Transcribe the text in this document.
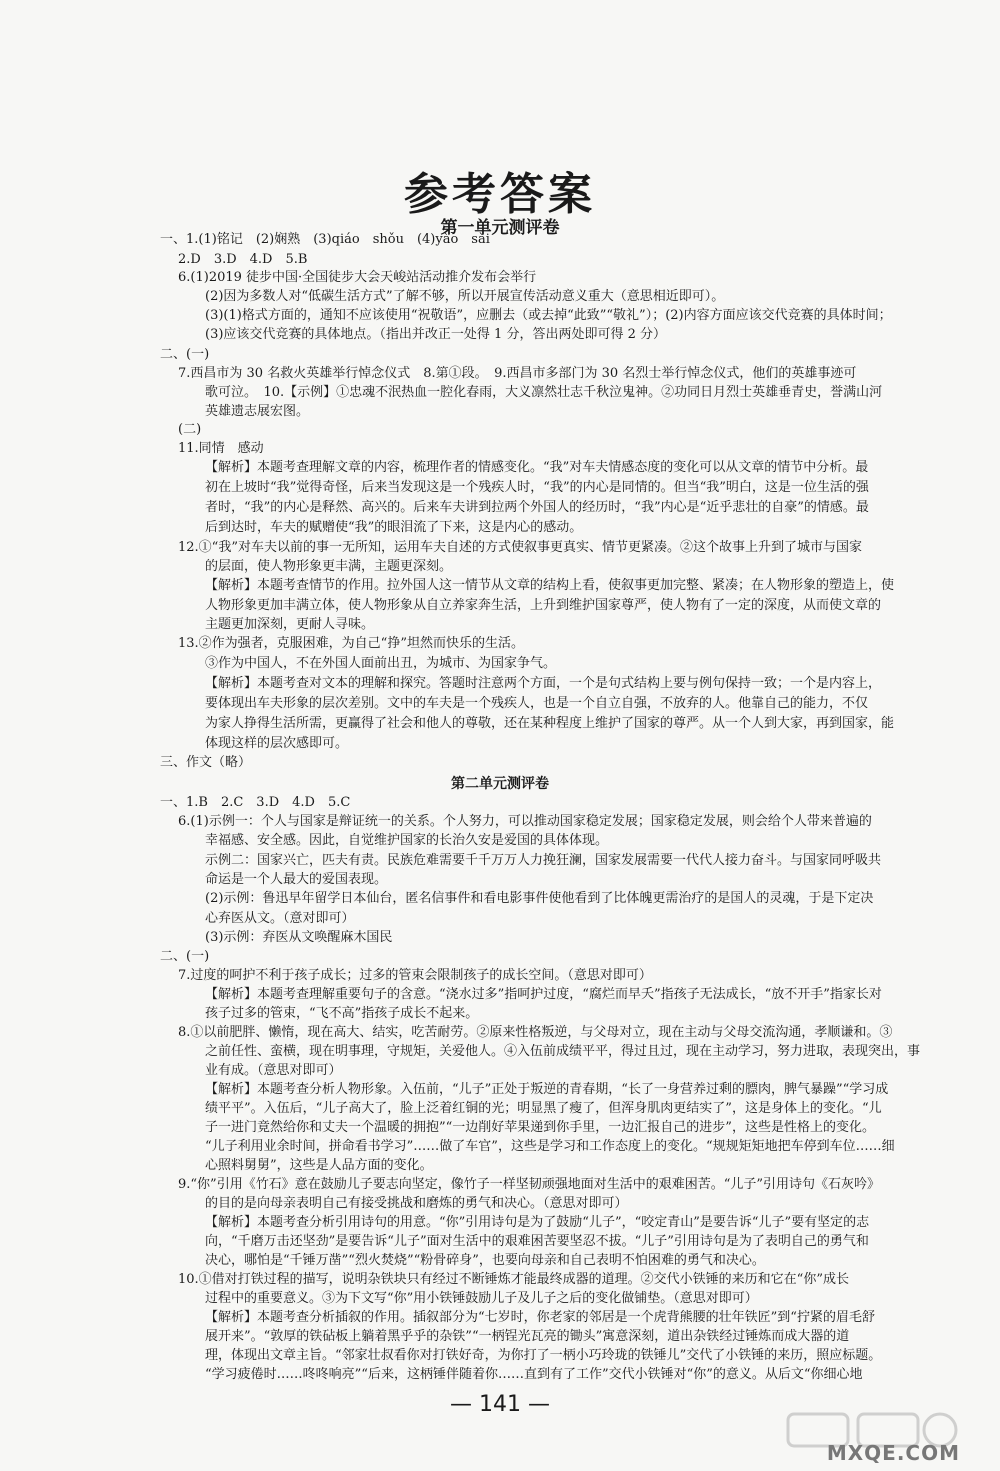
参考答案
第一单元测评卷
一、1.(1)铭记　(2)娴熟　(3)qiáo　shǒu　(4)yào　sài
2.D　3.D　4.D　5.B
6.(1)2019 徒步中国·全国徒步大会天峻站活动推介发布会举行
(2)因为多数人对“低碳生活方式”了解不够，所以开展宣传活动意义重大（意思相近即可）。
(3)(1)格式方面的，通知不应该使用“祝敬语”，应删去（或去掉“此致”“敬礼”）；(2)内容方面应该交代竞赛的具体时间；
(3)应该交代竞赛的具体地点。（指出并改正一处得 1 分，答出两处即可得 2 分）
二、(一)
7.西昌市为 30 名救火英雄举行悼念仪式　8.第①段。　9.西昌市多部门为 30 名烈士举行悼念仪式，他们的英雄事迹可
歌可泣。　10.【示例】①忠魂不泯热血一腔化春雨，大义凛然壮志千秋泣鬼神。②功同日月烈士英雄垂青史，誉满山河
英雄遗志展宏图。
(二)
11.同情　感动
【解析】本题考查理解文章的内容，梳理作者的情感变化。“我”对车夫情感态度的变化可以从文章的情节中分析。最
初在上坡时“我”觉得奇怪，后来当发现这是一个残疾人时，“我”的内心是同情的。但当“我”明白，这是一位生活的强
者时，“我”的内心是释然、高兴的。后来车夫讲到拉两个外国人的经历时，“我”内心是“近乎悲壮的自豪”的情感。最
后到达时，车夫的赋赠使“我”的眼泪流了下来，这是内心的感动。
12.①“我”对车夫以前的事一无所知，运用车夫自述的方式使叙事更真实、情节更紧凑。②这个故事上升到了城市与国家
的层面，使人物形象更丰满，主题更深刻。
【解析】本题考查情节的作用。拉外国人这一情节从文章的结构上看，使叙事更加完整、紧凑；在人物形象的塑造上，使
人物形象更加丰满立体，使人物形象从自立养家奔生活，上升到维护国家尊严，使人物有了一定的深度，从而使文章的
主题更加深刻，更耐人寻味。
13.②作为强者，克服困难，为自己“挣”坦然而快乐的生活。
③作为中国人，不在外国人面前出丑，为城市、为国家争气。
【解析】本题考查对文本的理解和探究。答题时注意两个方面，一个是句式结构上要与例句保持一致；一个是内容上，
要体现出车夫形象的层次差别。文中的车夫是一个残疾人，也是一个自立自强，不放弃的人。他靠自己的能力，不仅
为家人挣得生活所需，更赢得了社会和他人的尊敬，还在某种程度上维护了国家的尊严。从一个人到大家，再到国家，能
体现这样的层次感即可。
三、作文（略）
第二单元测评卷
一、1.B　2.C　3.D　4.D　5.C
6.(1)示例一：个人与国家是辩证统一的关系。个人努力，可以推动国家稳定发展；国家稳定发展，则会给个人带来普遍的
幸福感、安全感。因此，自觉维护国家的长治久安是爱国的具体体现。
示例二：国家兴亡，匹夫有责。民族危难需要千千万万人力挽狂澜，国家发展需要一代代人接力奋斗。与国家同呼吸共
命运是一个人最大的爱国表现。
(2)示例：鲁迅早年留学日本仙台，匿名信事件和看电影事件使他看到了比体魄更需治疗的是国人的灵魂，于是下定决
心弃医从文。（意对即可）
(3)示例：弃医从文唤醒麻木国民
二、(一)
7.过度的呵护不利于孩子成长；过多的管束会限制孩子的成长空间。（意思对即可）
【解析】本题考查理解重要句子的含意。“浇水过多”指呵护过度，“腐烂而早夭”指孩子无法成长，“放不开手”指家长对
孩子过多的管束，“飞不高”指孩子成长不起来。
8.①以前肥胖、懒惰，现在高大、结实，吃苦耐劳。②原来性格叛逆，与父母对立，现在主动与父母交流沟通，孝顺谦和。③
之前任性、蛮横，现在明事理，守规矩，关爱他人。④入伍前成绩平平，得过且过，现在主动学习，努力进取，表现突出，事
业有成。（意思对即可）
【解析】本题考查分析人物形象。入伍前，“儿子”正处于叛逆的青春期，“长了一身营养过剩的膘肉，脾气暴躁”“学习成
绩平平”。入伍后，“儿子高大了，脸上泛着红铜的光；明显黑了瘦了，但浑身肌肉更结实了”，这是身体上的变化。“儿
子一进门竟然给你和丈夫一个温暖的拥抱”“一边削好苹果递到你手里，一边汇报自己的进步”，这些是性格上的变化。
“儿子利用业余时间，拼命看书学习”……做了车官”，这些是学习和工作态度上的变化。“规规矩矩地把车停到车位……细
心照料舅舅”，这些是人品方面的变化。
9.“你”引用《竹石》意在鼓励儿子要志向坚定，像竹子一样坚韧顽强地面对生活中的艰难困苦。“儿子”引用诗句《石灰吟》
的目的是向母亲表明自己有接受挑战和磨炼的勇气和决心。（意思对即可）
【解析】本题考查分析引用诗句的用意。“你”引用诗句是为了鼓励“儿子”，“咬定青山”是要告诉“儿子”要有坚定的志
向，“千磨万击还坚劲”是要告诉“儿子”面对生活中的艰难困苦要坚忍不拔。“儿子”引用诗句是为了表明自己的勇气和
决心，哪怕是“千锤万凿”“烈火焚烧”“粉骨碎身”，也要向母亲和自己表明不怕困难的勇气和决心。
10.①借对打铁过程的描写，说明杂铁块只有经过不断锤炼才能最终成器的道理。②交代小铁锤的来历和它在“你”成长
过程中的重要意义。③为下文写“你”用小铁锤鼓励儿子及儿子之后的变化做铺垫。（意思对即可）
【解析】本题考查分析插叙的作用。插叙部分为“七岁时，你老家的邻居是一个虎背熊腰的壮年铁匠”到“拧紧的眉毛舒
展开来”。“敦厚的铁砧板上躺着黑乎乎的杂铁”“一柄锃光瓦亮的锄头”寓意深刻，道出杂铁经过锤炼而成大器的道
理，体现出文章主旨。“邻家壮叔看你对打铁好奇，为你打了一柄小巧玲珑的铁锤儿”交代了小铁锤的来历，照应标题。
“学习疲倦时……咚咚响亮”“后来，这柄锤伴随着你……直到有了工作”交代小铁锤对“你”的意义。从后文“你细心地
— 141 —
MXQE.COM
